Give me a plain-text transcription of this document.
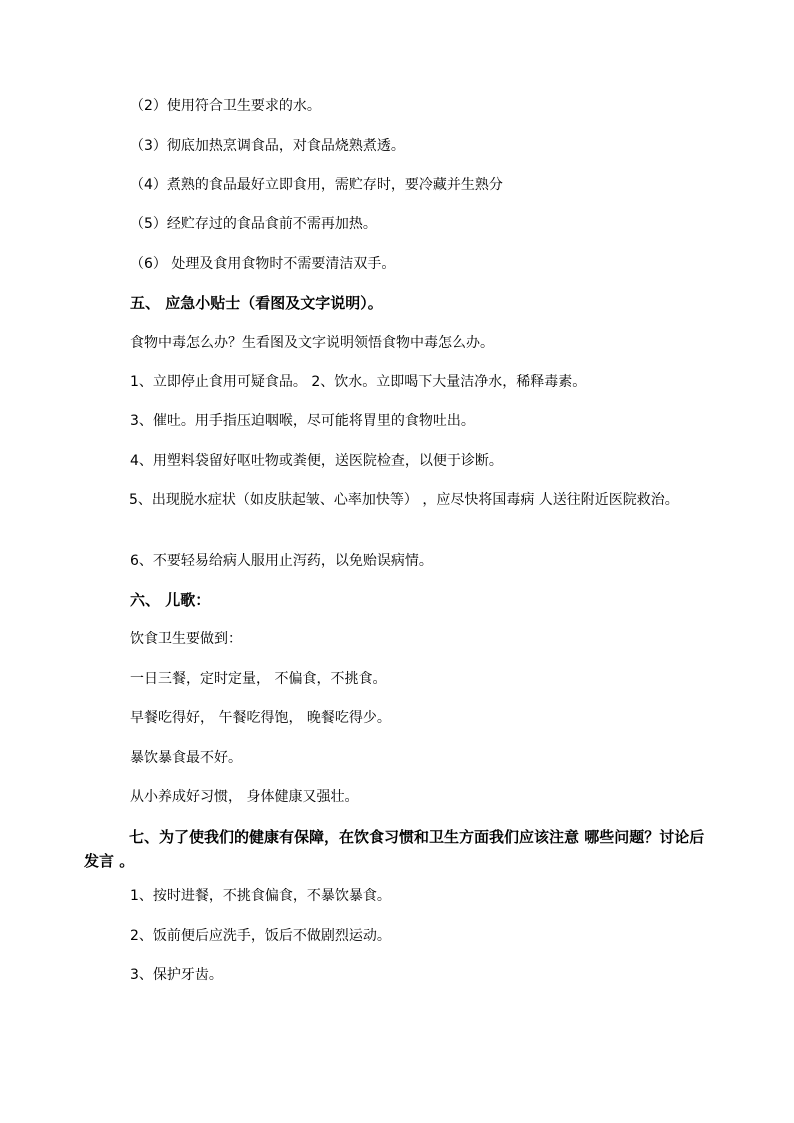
（2）使用符合卫生要求的水。
（3）彻底加热烹调食品，对食品烧熟煮透。
（4）煮熟的食品最好立即食用，需贮存时，要冷藏并生熟分
（5）经贮存过的食品食前不需再加热。
（6） 处理及食用食物时不需要清洁双手。
五、 应急小贴士（看图及文字说明）。
食物中毒怎么办？生看图及文字说明领悟食物中毒怎么办。
1、立即停止食用可疑食品。 2、饮水。立即喝下大量洁净水，稀释毒素。
3、催吐。用手指压迫咽喉，尽可能将胃里的食物吐出。
4、用塑料袋留好呕吐物或粪便，送医院检查，以便于诊断。
5、出现脱水症状（如皮肤起皱、心率加快等） ，应尽快将国毒病 人送往附近医院救治。
6、不要轻易给病人服用止泻药，以免贻误病情。
六、 儿歌：
饮食卫生要做到：
一日三餐，定时定量， 不偏食，不挑食。
早餐吃得好， 午餐吃得饱， 晚餐吃得少。
暴饮暴食最不好。
从小养成好习惯， 身体健康又强壮。
七、为了使我们的健康有保障，在饮食习惯和卫生方面我们应该注意 哪些问题？讨论后发言 。
1、按时进餐，不挑食偏食，不暴饮暴食。
2、饭前便后应洗手，饭后不做剧烈运动。
3、保护牙齿。
